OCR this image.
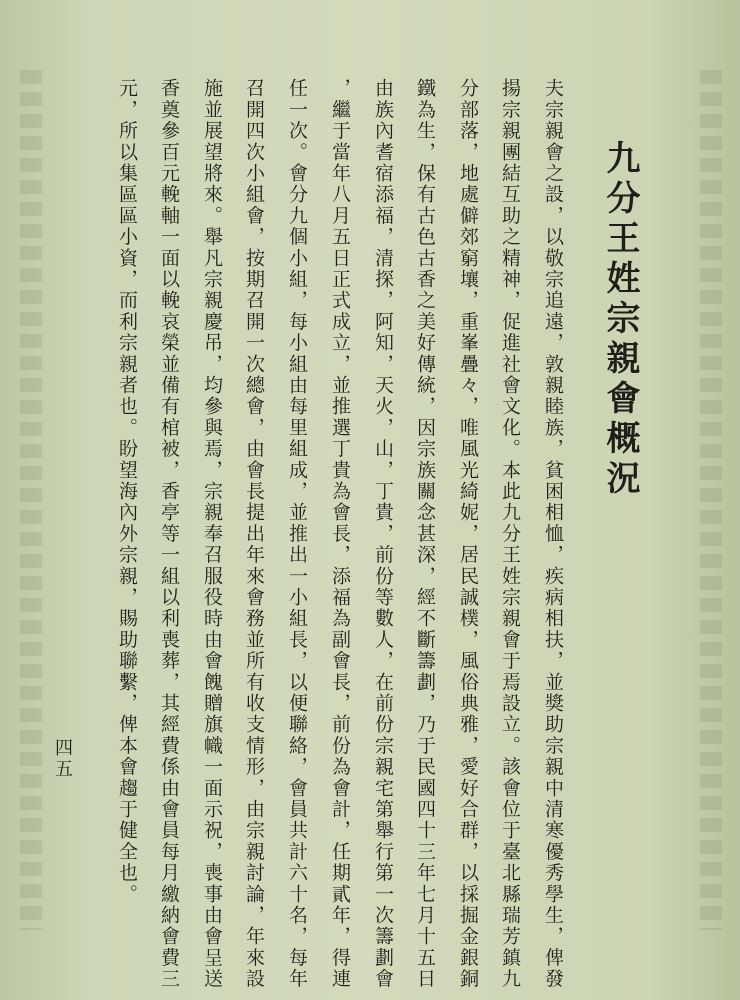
九分王姓宗親會概況
夫宗親會之設，以敬宗追遠，敦親睦族，貧困相恤，疾病相扶，並獎助宗親中清寒優秀學生，俾發
揚宗親團結互助之精神，促進社會文化。本此九分王姓宗親會于焉設立。該會位于臺北縣瑞芳鎮九
分部落，地處僻郊窮壤，重峯疊々，唯風光綺妮，居民誠樸，風俗典雅，愛好合群，以採掘金銀銅
鐵為生，保有古色古香之美好傳統，因宗族關念甚深，經不斷籌劃，乃于民國四十三年七月十五日
由族內耆宿添福，清探，阿知，天火，山，丁貴，前份等數人，在前份宗親宅第舉行第一次籌劃會
，繼于當年八月五日正式成立，並推選丁貴為會長，添福為副會長，前份為會計，任期貳年，得連
任一次。會分九個小組，每小組由每里組成，並推出一小組長，以便聯絡，會員共計六十名，每年
召開四次小組會，按期召開一次總會，由會長提出年來會務並所有收支情形，由宗親討論，年來設
施並展望將來。舉凡宗親慶吊，均參與焉，宗親奉召服役時由會餽贈旗幟一面示祝，喪事由會呈送
香奠參百元輓軸一面以輓哀榮並備有棺被，香亭等一組以利喪葬，其經費係由會員每月繳納會費三
元，所以集區區小資，而利宗親者也。盼望海內外宗親，賜助聯繫，俾本會趨于健全也。
四五
